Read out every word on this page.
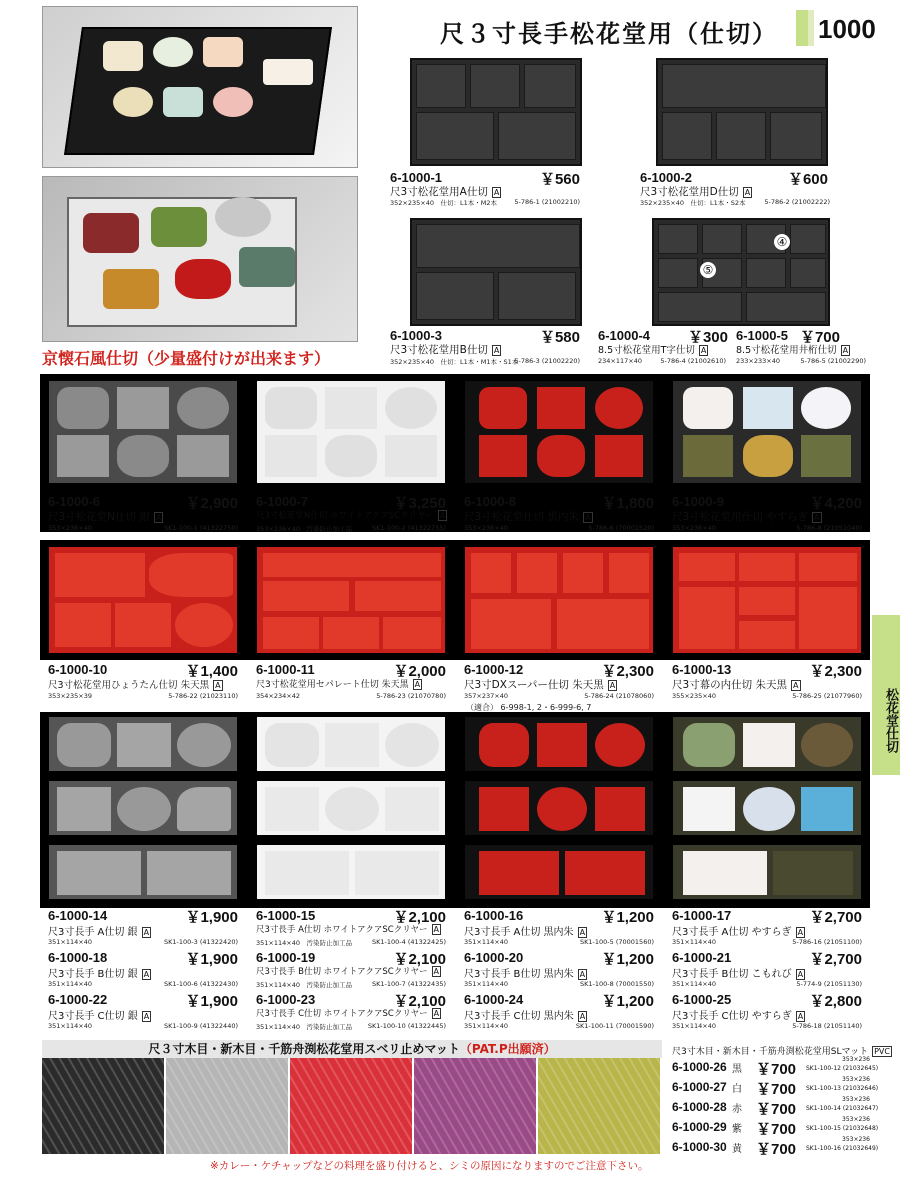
尺３寸長手松花堂用（仕切） 1000
松花堂仕切
京懐石風仕切（少量盛付けが出来ます）
④
⑤
6-1000-1	￥560
尺3寸松花堂用A仕切 A
352×235×40　仕切：L1本・M2本	5-786-1 (21002210)
6-1000-2	￥600
尺3寸松花堂用D仕切 A
352×235×40　仕切：L1本・S2本	5-786-2 (21002222)
6-1000-3	￥580
尺3寸松花堂用B仕切 A
352×235×40　仕切：L1本・M1本・S1本
5-786-3 (21002220)
6-1000-4	￥300
8.5寸松花堂用T字仕切 A
234×117×40	5-786-4 (21002610)
6-1000-5 ￥700
8.5寸松花堂用井桁仕切 A
233×233×40	5-786-5 (21002290)
6-1000-6	￥2,900
尺3寸松花堂N仕切 銀 A
353×236×40	SK1-100-1 (41322750)
6-1000-7	￥3,250
尺3寸松花堂N仕切 ホワイトアクアSCクリヤー A
353×236×40　汚染防止加工品	SK1-100-2 (41322755)
6-1000-8	￥1,800
尺3寸松花堂仕切 黒内朱 A
353×236×40	5-786-6 (70001520)
6-1000-9	￥4,200
尺3寸松花堂用仕切 やすらぎ A
353×236×40	5-786-8 (21051040)
6-1000-10	￥1,400
尺3寸松花堂用ひょうたん仕切 朱天黒 A
353×235×39	5-786-22 (21023110)
6-1000-11	￥2,000
尺3寸松花堂用セパレート仕切 朱天黒 A
354×234×42	5-786-23 (21070780)
6-1000-12	￥2,300
尺3寸DXスーパー仕切 朱天黒 A
357×237×40	5-786-24 (21078060)
（適合） 6-998-1, 2・6-999-6, 7
6-1000-13	￥2,300
尺3寸幕の内仕切 朱天黒 A
355×235×40	5-786-25 (21077960)
6-1000-14	￥1,900
尺3寸長手 A仕切 銀 A
351×114×40	SK1-100-3 (41322420)
6-1000-15	￥2,100
尺3寸長手 A仕切 ホワイトアクアSCクリヤー A
351×114×40　汚染防止加工品	SK1-100-4 (41322425)
6-1000-16	￥1,200
尺3寸長手 A仕切 黒内朱 A
351×114×40	SK1-100-5 (70001560)
6-1000-17	￥2,700
尺3寸長手 A仕切 やすらぎ A
351×114×40	5-786-16 (21051100)
6-1000-18	￥1,900
尺3寸長手 B仕切 銀 A
351×114×40	SK1-100-6 (41322430)
6-1000-19	￥2,100
尺3寸長手 B仕切 ホワイトアクアSCクリヤー A
351×114×40　汚染防止加工品	SK1-100-7 (41322435)
6-1000-20	￥1,200
尺3寸長手 B仕切 黒内朱 A
351×114×40	SK1-100-8 (70001550)
6-1000-21	￥2,700
尺3寸長手 B仕切 こもれび A
351×114×40	5-774-9 (21051130)
6-1000-22	￥1,900
尺3寸長手 C仕切 銀 A
351×114×40	SK1-100-9 (41322440)
6-1000-23	￥2,100
尺3寸長手 C仕切 ホワイトアクアSCクリヤー A
351×114×40　汚染防止加工品	SK1-100-10 (41322445)
6-1000-24	￥1,200
尺3寸長手 C仕切 黒内朱 A
351×114×40	SK1-100-11 (70001590)
6-1000-25	￥2,800
尺3寸長手 C仕切 やすらぎ A
351×114×40	5-786-18 (21051140)
尺３寸木目・新木目・千筋舟渕松花堂用スベリ止めマット（PAT.P出願済）	尺3寸木目・新木目・千筋舟渕松花堂用SLマット PVC
6-1000-26 黒 ￥700
353×236
SK1-100-12 (21032645)
6-1000-27 白 ￥700
353×236
SK1-100-13 (21032646)
6-1000-28 赤 ￥700
353×236
SK1-100-14 (21032647)
6-1000-29 紫 ￥700
353×236
SK1-100-15 (21032648)
6-1000-30 黄 ￥700
353×236
SK1-100-16 (21032649)
※カレー・ケチャップなどの料理を盛り付けると、シミの原因になりますのでご注意下さい。
